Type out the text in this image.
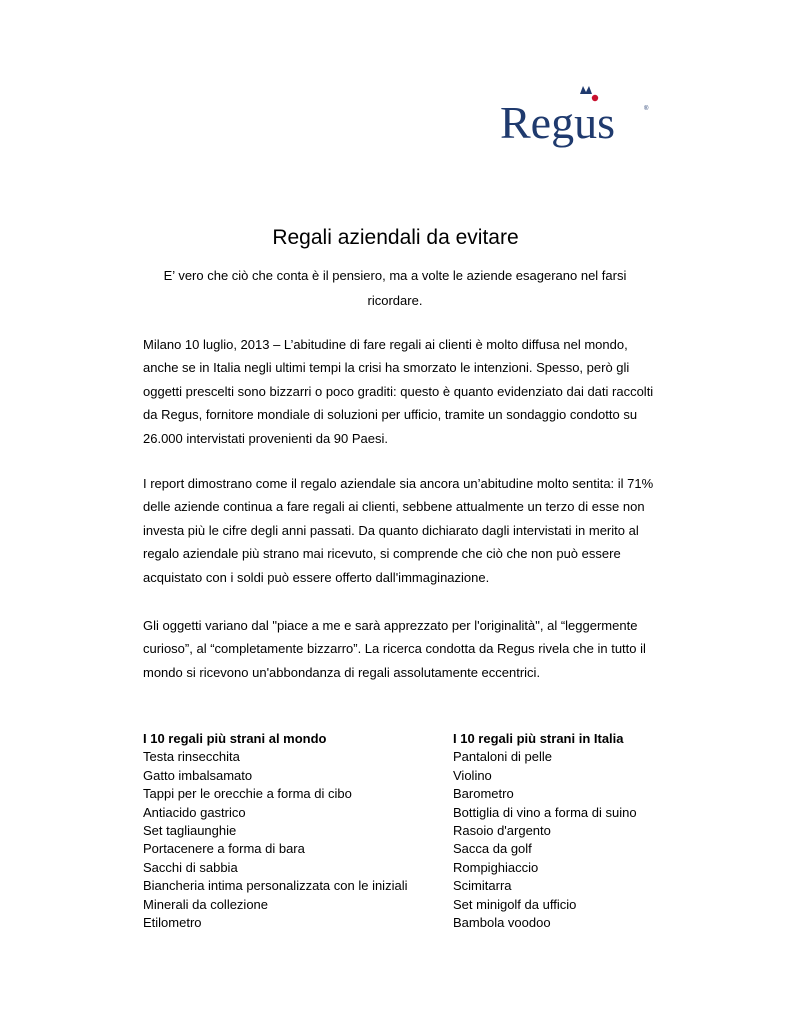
Regus	®
Regali aziendali da evitare
E’ vero che ciò che conta è il pensiero, ma a volte le aziende esagerano nel farsi ricordare.

Milano 10 luglio, 2013 – L’abitudine di fare regali ai clienti è molto diffusa nel mondo, anche se in Italia negli ultimi tempi la crisi ha smorzato le intenzioni. Spesso, però gli oggetti prescelti sono bizzarri o poco graditi: questo è quanto evidenziato dai dati raccolti da Regus, fornitore mondiale di soluzioni per ufficio, tramite un sondaggio condotto su 26.000 intervistati provenienti da 90 Paesi.

I report dimostrano come il regalo aziendale sia ancora un’abitudine molto sentita: il 71% delle aziende continua a fare regali ai clienti, sebbene attualmente un terzo di esse non investa più le cifre degli anni passati. Da quanto dichiarato dagli intervistati in merito al regalo aziendale più strano mai ricevuto, si comprende che ciò che non può essere acquistato con i soldi può essere offerto dall'immaginazione.

Gli oggetti variano dal "piace a me e sarà apprezzato per l'originalità", al “leggermente curioso”, al “completamente bizzarro”. La ricerca condotta da Regus rivela che in tutto il mondo si ricevono un'abbondanza di regali assolutamente eccentrici.

I 10 regali più strani al mondo
Testa rinsecchita
Gatto imbalsamato
Tappi per le orecchie a forma di cibo
Antiacido gastrico
Set tagliaunghie
Portacenere a forma di bara
Sacchi di sabbia
Biancheria intima personalizzata con le iniziali
Minerali da collezione
Etilometro
I 10 regali più strani in Italia
Pantaloni di pelle
Violino
Barometro
Bottiglia di vino a forma di suino
Rasoio d'argento
Sacca da golf
Rompighiaccio
Scimitarra
Set minigolf da ufficio
Bambola voodoo
